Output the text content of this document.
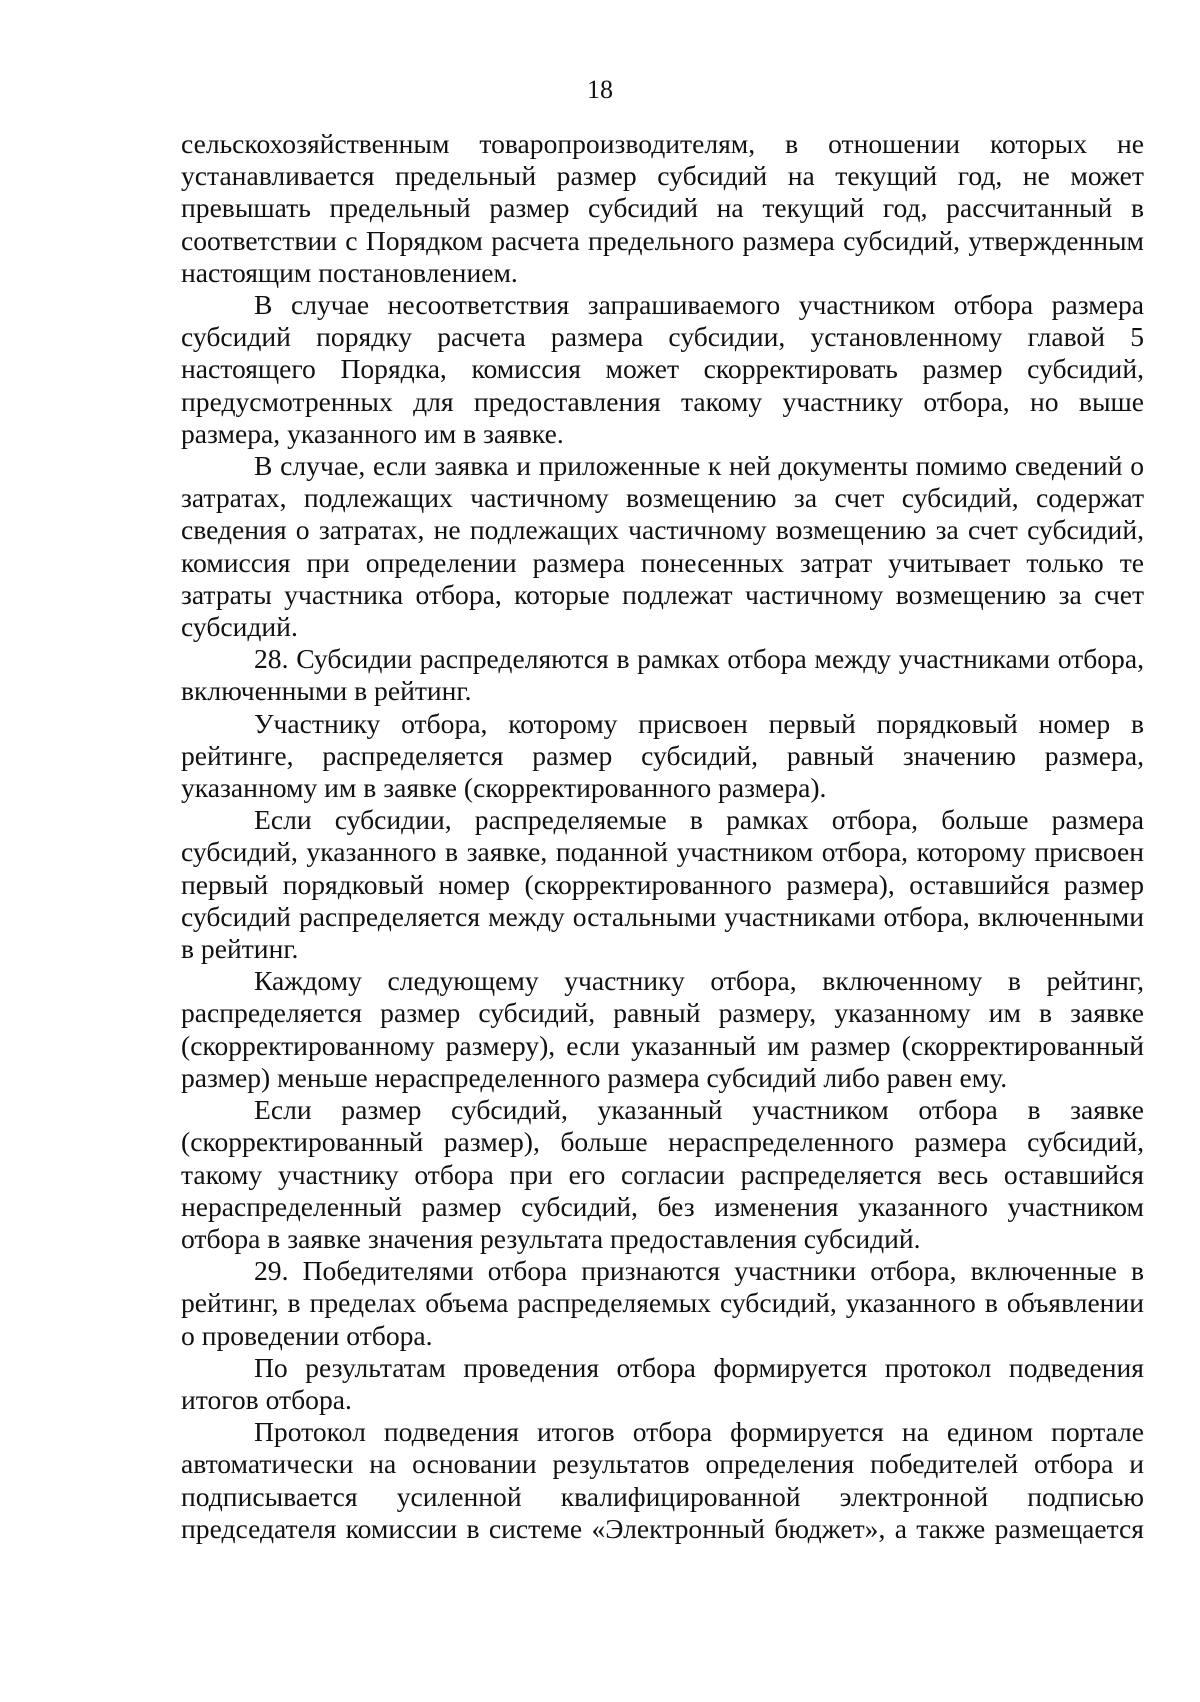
18

сельскохозяйственным товаропроизводителям, в отношении которых не устанавливается предельный размер субсидий на текущий год, не может превышать предельный размер субсидий на текущий год, рассчитанный в соответствии с Порядком расчета предельного размера субсидий, утвержденным настоящим постановлением.

В случае несоответствия запрашиваемого участником отбора размера субсидий порядку расчета размера субсидии, установленному главой 5 настоящего Порядка, комиссия может скорректировать размер субсидий, предусмотренных для предоставления такому участнику отбора, но выше размера, указанного им в заявке.

В случае, если заявка и приложенные к ней документы помимо сведений о затратах, подлежащих частичному возмещению за счет субсидий, содержат сведения о затратах, не подлежащих частичному возмещению за счет субсидий, комиссия при определении размера понесенных затрат учитывает только те затраты участника отбора, которые подлежат частичному возмещению за счет субсидий.

28. Субсидии распределяются в рамках отбора между участниками отбора, включенными в рейтинг.

Участнику отбора, которому присвоен первый порядковый номер в рейтинге, распределяется размер субсидий, равный значению размера, указанному им в заявке (скорректированного размера).

Если субсидии, распределяемые в рамках отбора, больше размера субсидий, указанного в заявке, поданной участником отбора, которому присвоен первый порядковый номер (скорректированного размера), оставшийся размер субсидий распределяется между остальными участниками отбора, включенными в рейтинг.

Каждому следующему участнику отбора, включенному в рейтинг, распределяется размер субсидий, равный размеру, указанному им в заявке (скорректированному размеру), если указанный им размер (скорректированный размер) меньше нераспределенного размера субсидий либо равен ему.

Если размер субсидий, указанный участником отбора в заявке (скорректированный размер), больше нераспределенного размера субсидий, такому участнику отбора при его согласии распределяется весь оставшийся нераспределенный размер субсидий, без изменения указанного участником отбора в заявке значения результата предоставления субсидий.

29. Победителями отбора признаются участники отбора, включенные в рейтинг, в пределах объема распределяемых субсидий, указанного в объявлении о проведении отбора.

По результатам проведения отбора формируется протокол подведения итогов отбора.

Протокол подведения итогов отбора формируется на едином портале автоматически на основании результатов определения победителей отбора и подписывается усиленной квалифицированной электронной подписью председателя комиссии в системе «Электронный бюджет», а также размещается
